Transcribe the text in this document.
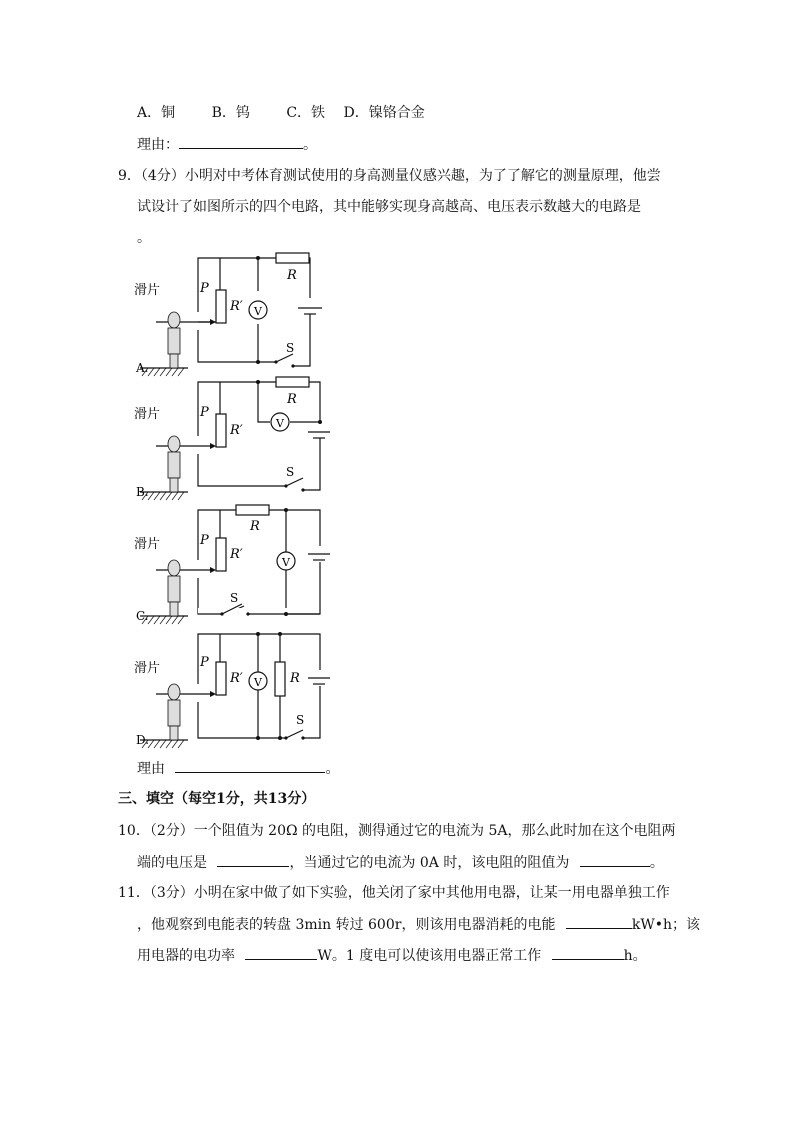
A．铜	B．钨	C．铁 D．镍铬合金
理由：	。
9．（4分）小明对中考体育测试使用的身高测量仪感兴趣，为了了解它的测量原理，他尝
试设计了如图所示的四个电路，其中能够实现身高越高、电压表示数越大的电路是
。
滑片	P
R′
R
V
S
A.
滑片	P
R′
R
V
S
B.
滑片	P
R′
R
V
S
C.
滑片	P
R′	R
V
S
D.
理由	。
三、填空（每空1分，共13分）
10．（2分）一个阻值为 20Ω 的电阻，测得通过它的电流为 5A，那么此时加在这个电阻两
端的电压是	，当通过它的电流为 0A 时，该电阻的阻值为	。
11．（3分）小明在家中做了如下实验，他关闭了家中其他用电器，让某一用电器单独工作
，他观察到电能表的转盘 3min 转过 600r，则该用电器消耗的电能	kW•h；该
用电器的电功率	W。1 度电可以使该用电器正常工作	h。
